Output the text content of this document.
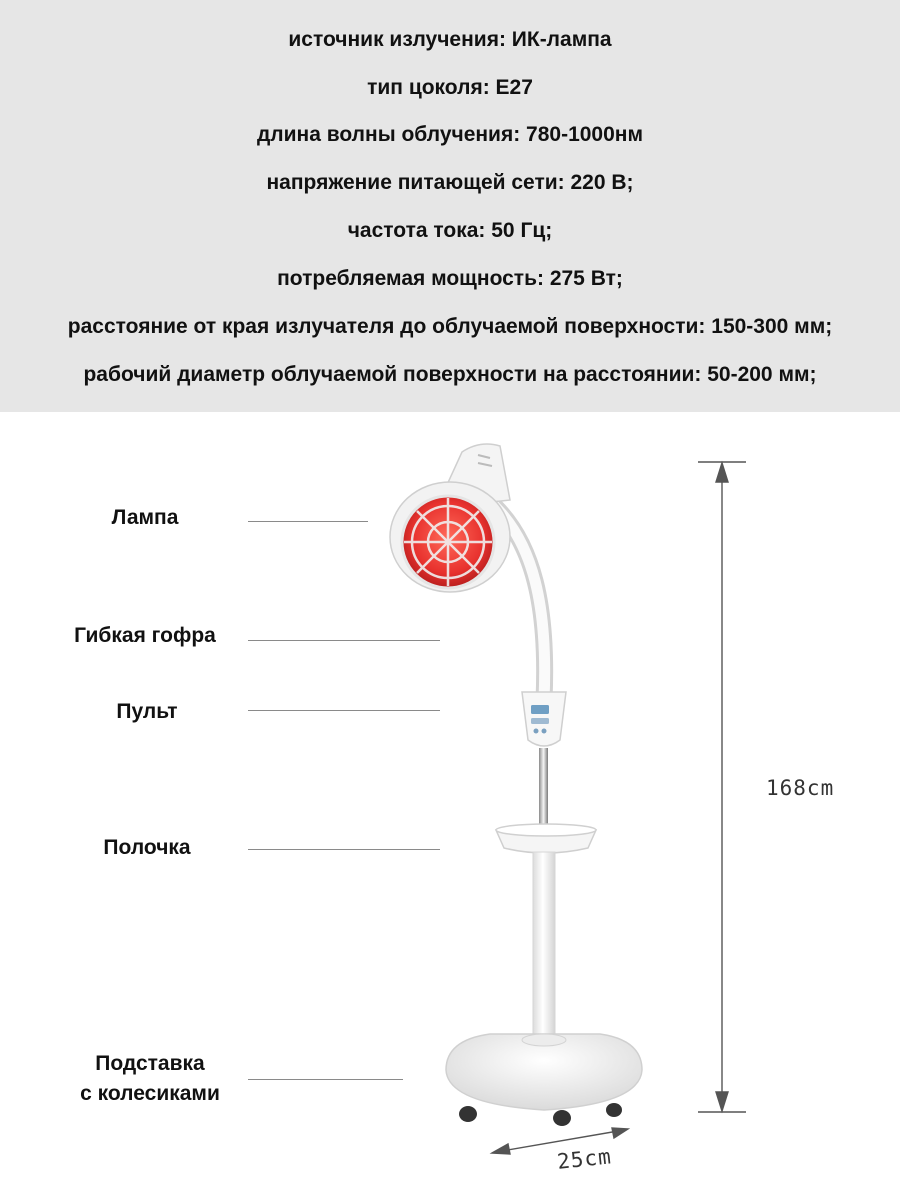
источник излучения: ИК-лампа
тип цоколя: Е27
длина волны облучения: 780-1000нм
напряжение питающей сети: 220 В;
частота тока: 50 Гц;
потребляемая мощность: 275 Вт;
расстояние от края излучателя до облучаемой поверхности: 150-300 мм;
рабочий диаметр облучаемой поверхности на расстоянии: 50-200 мм;
Лампа
Гибкая гофра
Пульт
Полочка
Подставка
с колесиками
168cm
25cm
